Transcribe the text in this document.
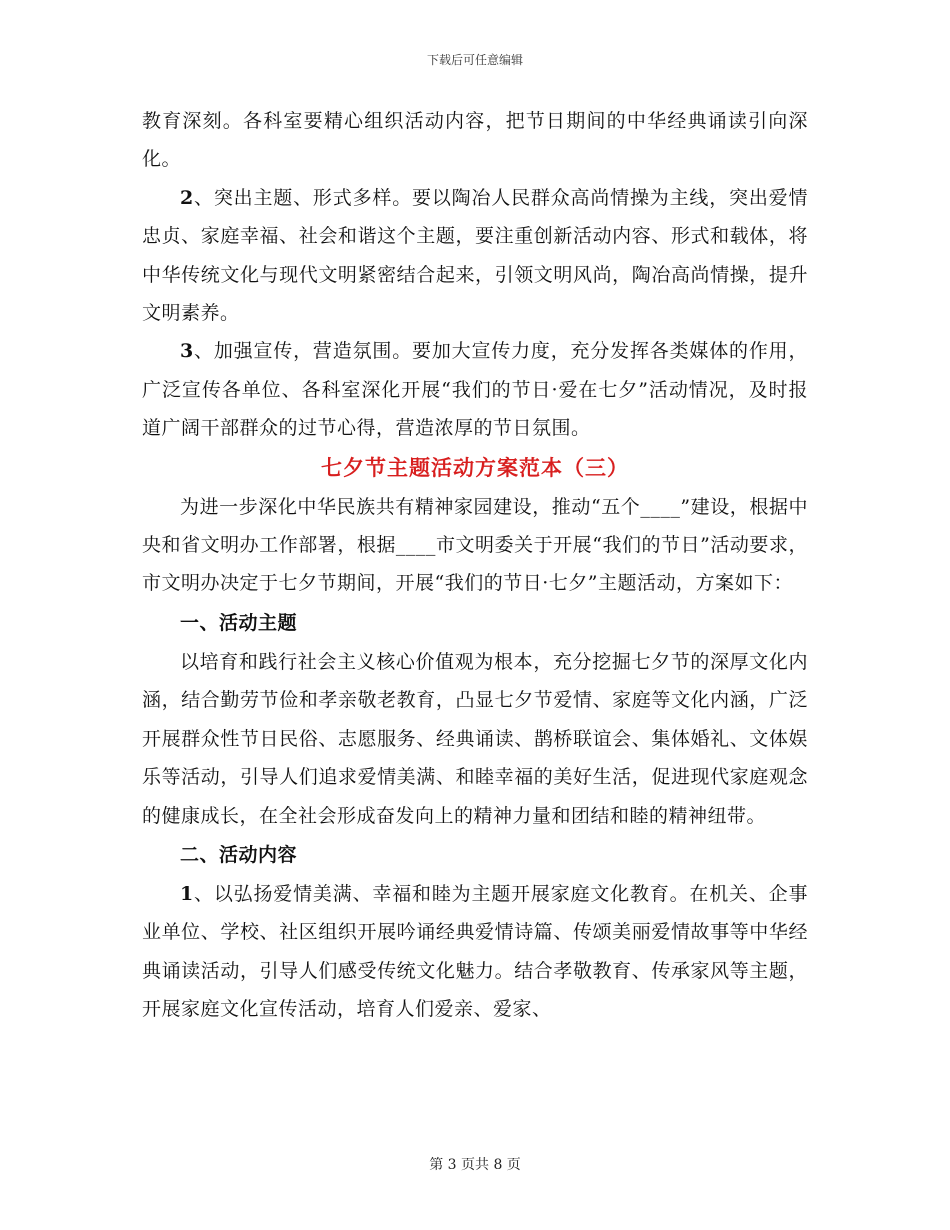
下载后可任意编辑

教育深刻。各科室要精心组织活动内容，把节日期间的中华经典诵读引向深化。

2、突出主题、形式多样。要以陶冶人民群众高尚情操为主线，突出爱情忠贞、家庭幸福、社会和谐这个主题，要注重创新活动内容、形式和载体，将中华传统文化与现代文明紧密结合起来，引领文明风尚，陶冶高尚情操，提升文明素养。

3、加强宣传，营造氛围。要加大宣传力度，充分发挥各类媒体的作用，广泛宣传各单位、各科室深化开展“我们的节日·爱在七夕”活动情况，及时报道广阔干部群众的过节心得，营造浓厚的节日氛围。

七夕节主题活动方案范本（三）

为进一步深化中华民族共有精神家园建设，推动“五个____”建设，根据中央和省文明办工作部署，根据____市文明委关于开展“我们的节日”活动要求，市文明办决定于七夕节期间，开展“我们的节日·七夕”主题活动，方案如下：

一、活动主题

以培育和践行社会主义核心价值观为根本，充分挖掘七夕节的深厚文化内涵，结合勤劳节俭和孝亲敬老教育，凸显七夕节爱情、家庭等文化内涵，广泛开展群众性节日民俗、志愿服务、经典诵读、鹊桥联谊会、集体婚礼、文体娱乐等活动，引导人们追求爱情美满、和睦幸福的美好生活，促进现代家庭观念的健康成长，在全社会形成奋发向上的精神力量和团结和睦的精神纽带。

二、活动内容

1、以弘扬爱情美满、幸福和睦为主题开展家庭文化教育。在机关、企事业单位、学校、社区组织开展吟诵经典爱情诗篇、传颂美丽爱情故事等中华经典诵读活动，引导人们感受传统文化魅力。结合孝敬教育、传承家风等主题，开展家庭文化宣传活动，培育人们爱亲、爱家、

第 3 页共 8 页
